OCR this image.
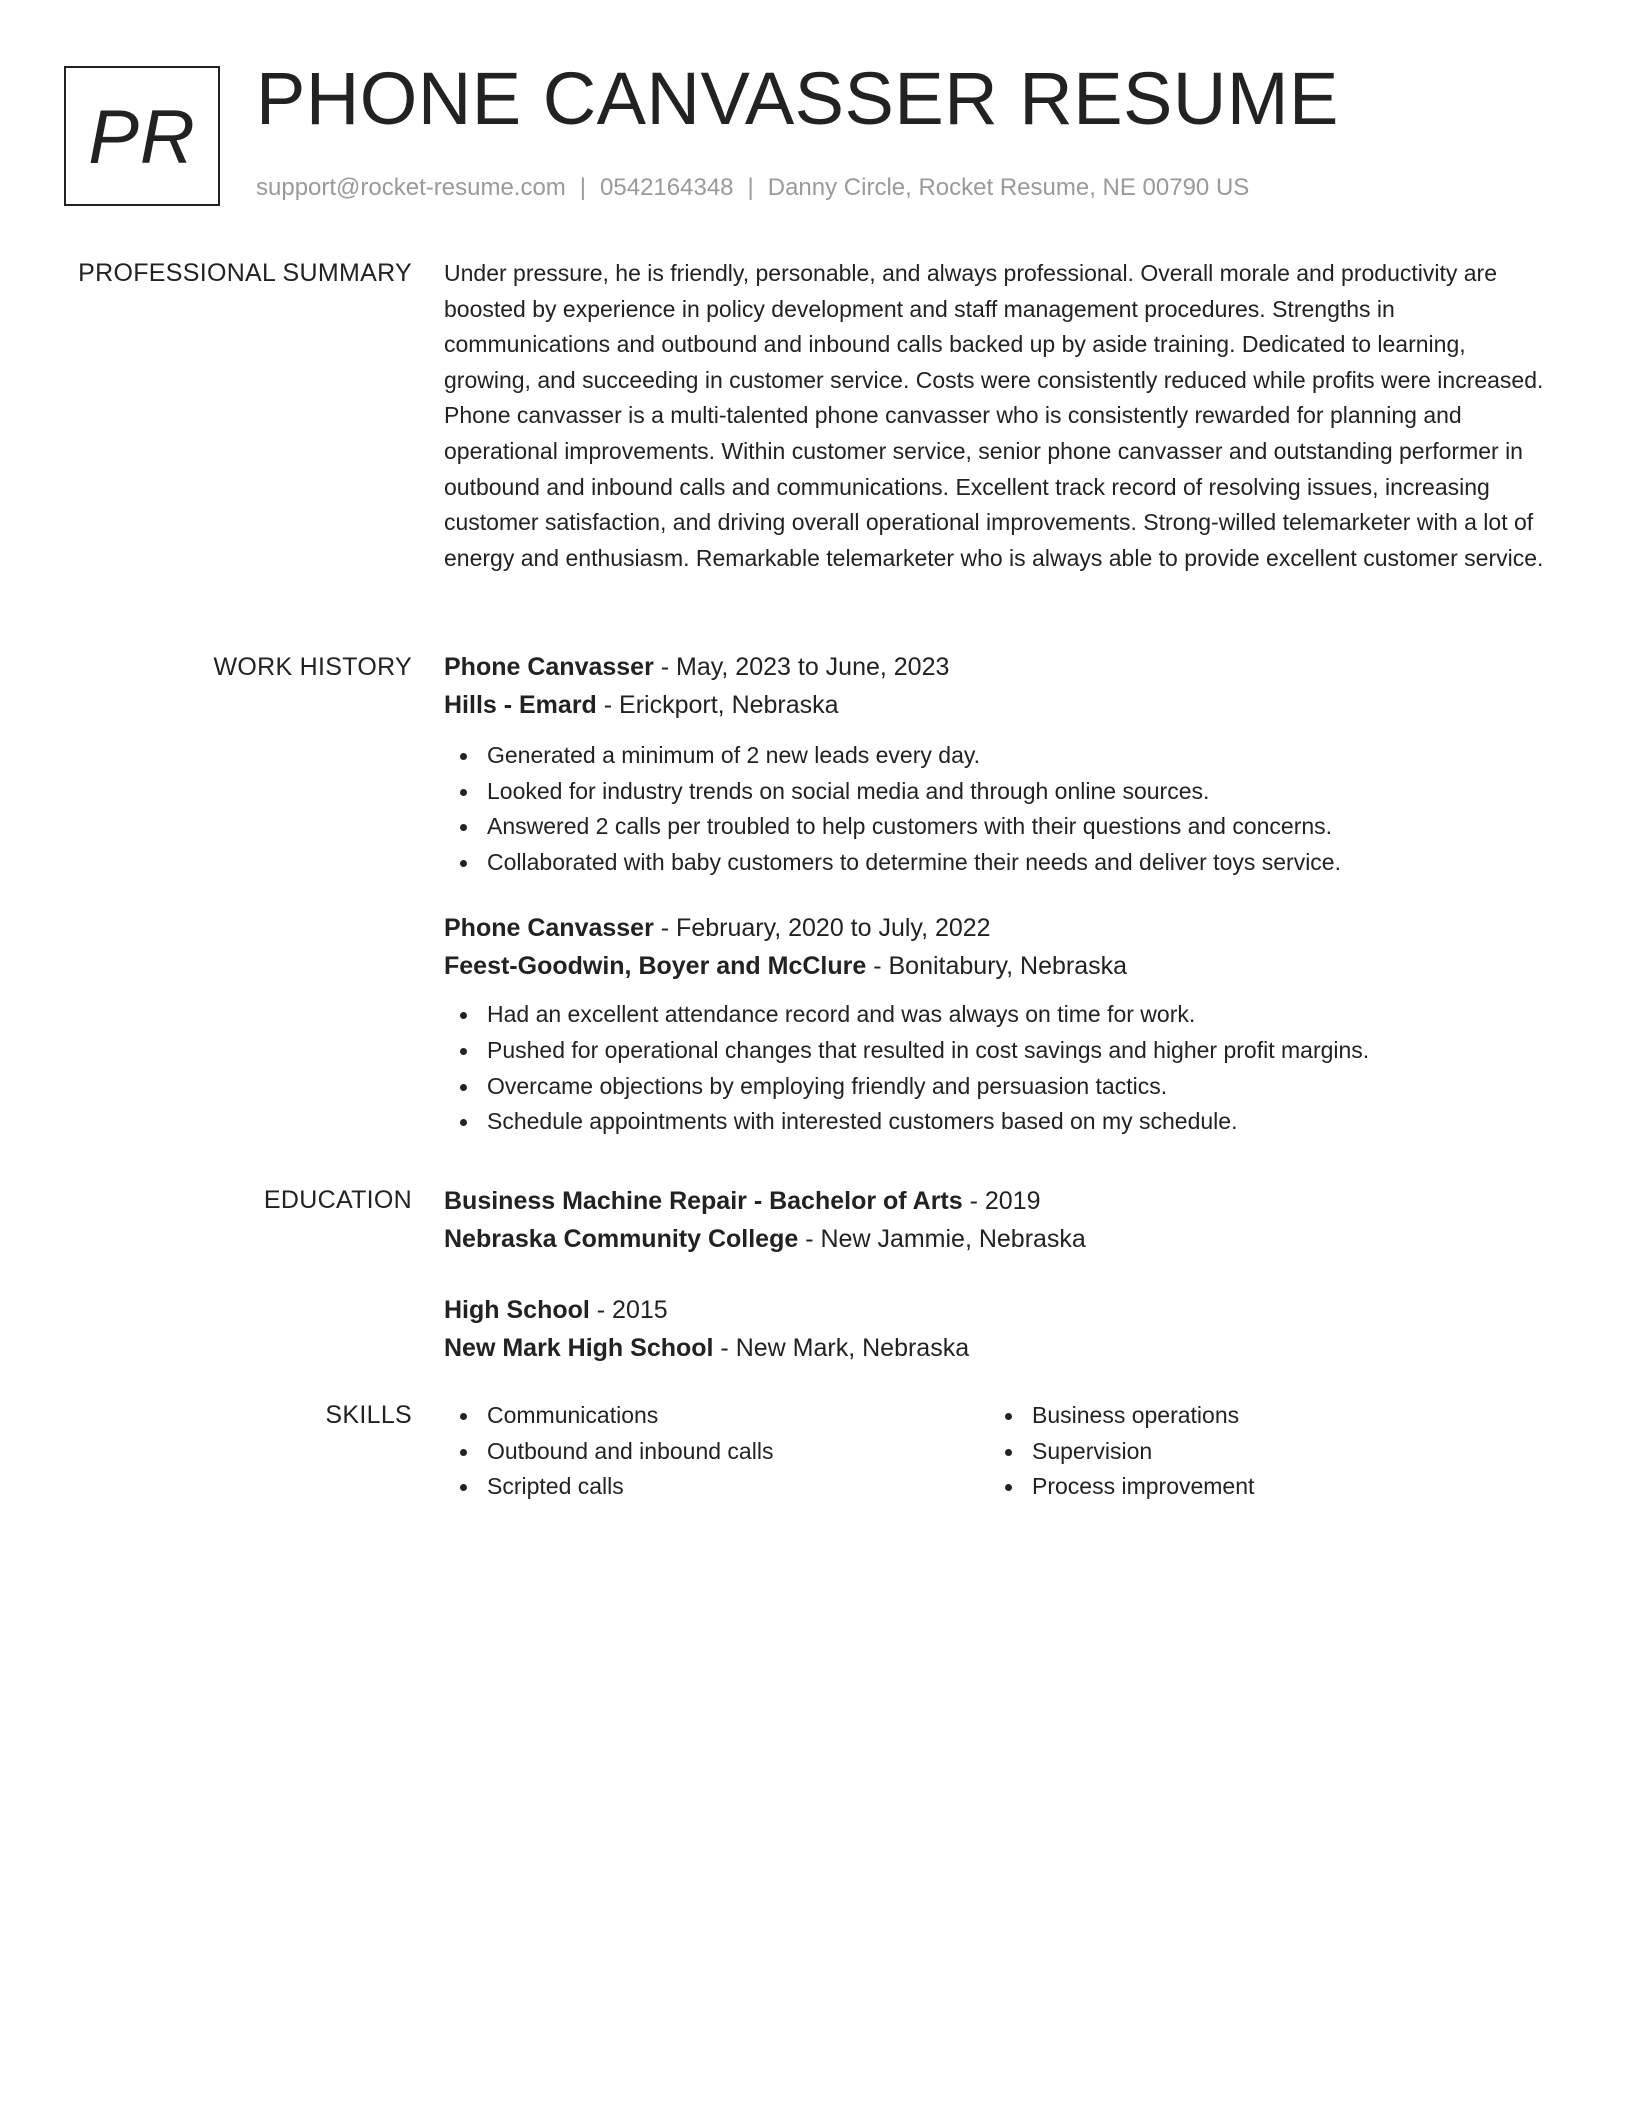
PR PHONE CANVASSER RESUME
support@rocket-resume.com | 0542164348 | Danny Circle, Rocket Resume, NE 00790 US
PROFESSIONAL SUMMARY Under pressure, he is friendly, personable, and always professional. Overall morale and productivity are boosted by experience in policy development and staff management procedures. Strengths in communications and outbound and inbound calls backed up by aside training. Dedicated to learning, growing, and succeeding in customer service. Costs were consistently reduced while profits were increased. Phone canvasser is a multi-talented phone canvasser who is consistently rewarded for planning and operational improvements. Within customer service, senior phone canvasser and outstanding performer in outbound and inbound calls and communications. Excellent track record of resolving issues, increasing customer satisfaction, and driving overall operational improvements. Strong-willed telemarketer with a lot of energy and enthusiasm. Remarkable telemarketer who is always able to provide excellent customer service.

WORK HISTORY Phone Canvasser - May, 2023 to June, 2023
Hills - Emard - Erickport, Nebraska
Generated a minimum of 2 new leads every day.
Looked for industry trends on social media and through online sources.
Answered 2 calls per troubled to help customers with their questions and concerns.
Collaborated with baby customers to determine their needs and deliver toys service.
Phone Canvasser - February, 2020 to July, 2022
Feest-Goodwin, Boyer and McClure - Bonitabury, Nebraska
Had an excellent attendance record and was always on time for work.
Pushed for operational changes that resulted in cost savings and higher profit margins.
Overcame objections by employing friendly and persuasion tactics.
Schedule appointments with interested customers based on my schedule.
EDUCATION Business Machine Repair - Bachelor of Arts - 2019
Nebraska Community College - New Jammie, Nebraska
High School - 2015
New Mark High School - New Mark, Nebraska
SKILLS	Communications
Outbound and inbound calls
Scripted calls
Business operations
Supervision
Process improvement
